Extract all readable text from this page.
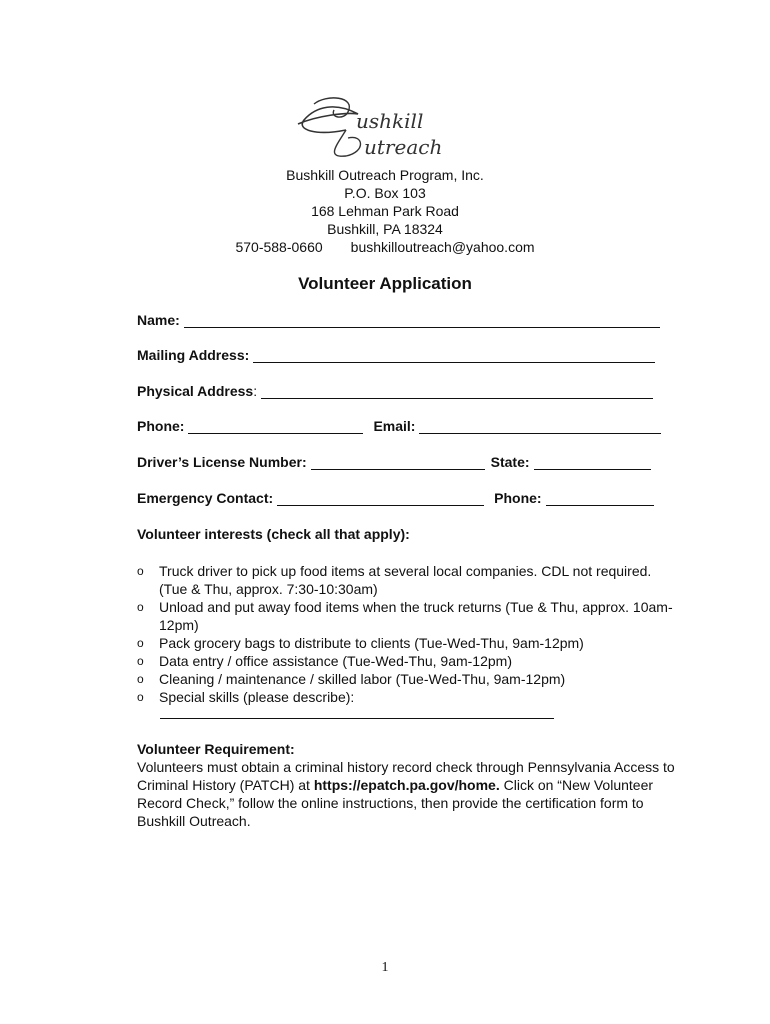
ushkill
utreach
Bushkill Outreach Program, Inc.
P.O. Box 103
168 Lehman Park Road
Bushkill, PA 18324
570-588-0660 bushkilloutreach@yahoo.com
Volunteer Application
Name:
Mailing Address:
Physical Address:
Phone:	Email:
Driver’s License Number:	State:
Emergency Contact:	Phone:
Volunteer interests (check all that apply):
o	Truck driver to pick up food items at several local companies. CDL not required. (Tue & Thu, approx. 7:30-10:30am)
o	Unload and put away food items when the truck returns (Tue & Thu, approx. 10am-12pm)
o	Pack grocery bags to distribute to clients (Tue-Wed-Thu, 9am-12pm)
o	Data entry / office assistance (Tue-Wed-Thu, 9am-12pm)
o	Cleaning / maintenance / skilled labor (Tue-Wed-Thu, 9am-12pm)
o	Special skills (please describe):
Volunteer Requirement:
Volunteers must obtain a criminal history record check through Pennsylvania Access to Criminal History (PATCH) at https://epatch.pa.gov/home. Click on “New Volunteer Record Check,” follow the online instructions, then provide the certification form to Bushkill Outreach.
1
